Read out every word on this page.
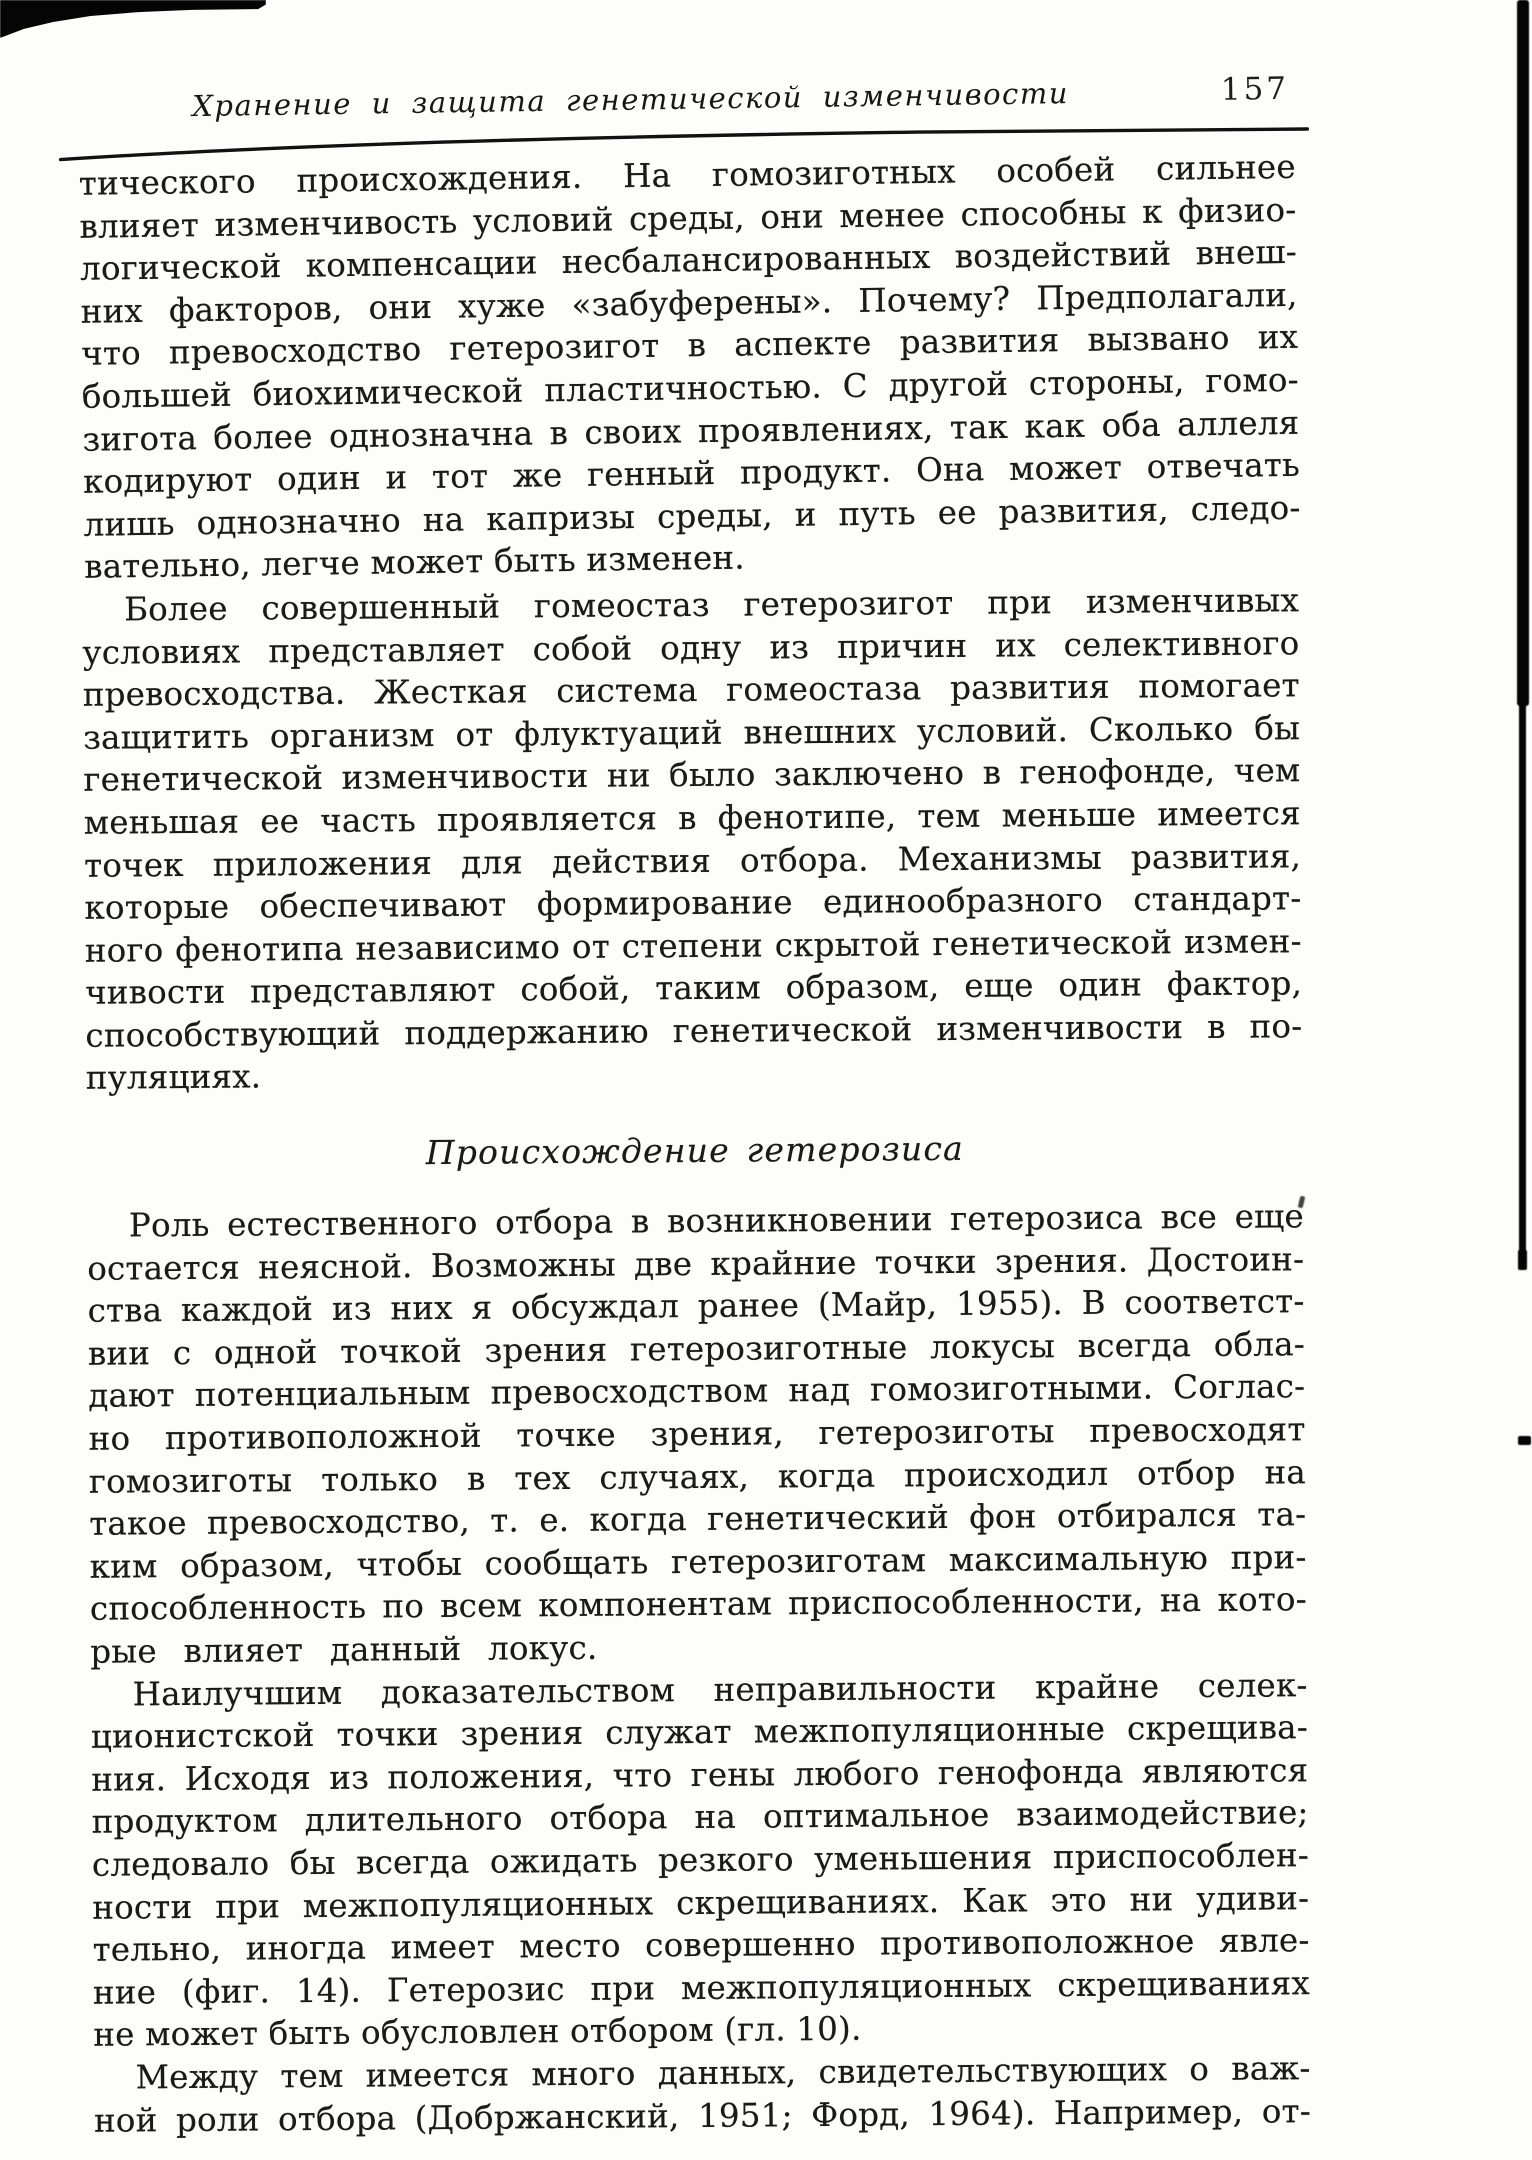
Хранение и защита генетической изменчивости	157
тического происхождения. На гомозиготных особей сильнее
влияет изменчивость условий среды, они менее способны к физио-
логической компенсации несбалансированных воздействий внеш-
них факторов, они хуже «забуферены». Почему? Предполагали,
что превосходство гетерозигот в аспекте развития вызвано их
большей биохимической пластичностью. С другой стороны, гомо-
зигота более однозначна в своих проявлениях, так как оба аллеля
кодируют один и тот же генный продукт. Она может отвечать
лишь однозначно на капризы среды, и путь ее развития, следо-
вательно, легче может быть изменен.
Более совершенный гомеостаз гетерозигот при изменчивых
условиях представляет собой одну из причин их селективного
превосходства. Жесткая система гомеостаза развития помогает
защитить организм от флуктуаций внешних условий. Сколько бы
генетической изменчивости ни было заключено в генофонде, чем
меньшая ее часть проявляется в фенотипе, тем меньше имеется
точек приложения для действия отбора. Механизмы развития,
которые обеспечивают формирование единообразного стандарт-
ного фенотипа независимо от степени скрытой генетической измен-
чивости представляют собой, таким образом, еще один фактор,
способствующий поддержанию генетической изменчивости в по-
пуляциях.
Происхождение гетерозиса
Роль естественного отбора в возникновении гетерозиса все еще
остается неясной. Возможны две крайние точки зрения. Достоин-
ства каждой из них я обсуждал ранее (Майр, 1955). В соответст-
вии с одной точкой зрения гетерозиготные локусы всегда обла-
дают потенциальным превосходством над гомозиготными. Соглас-
но противоположной точке зрения, гетерозиготы превосходят
гомозиготы только в тех случаях, когда происходил отбор на
такое превосходство, т. е. когда генетический фон отбирался та-
ким образом, чтобы сообщать гетерозиготам максимальную при-
способленность по всем компонентам приспособленности, на кото-
рые влияет данный локус.
Наилучшим доказательством неправильности крайне селек-
ционистской точки зрения служат межпопуляционные скрещива-
ния. Исходя из положения, что гены любого генофонда являются
продуктом длительного отбора на оптимальное взаимодействие;
следовало бы всегда ожидать резкого уменьшения приспособлен-
ности при межпопуляционных скрещиваниях. Как это ни удиви-
тельно, иногда имеет место совершенно противоположное явле-
ние (фиг. 14). Гетерозис при межпопуляционных скрещиваниях
не может быть обусловлен отбором (гл. 10).
Между тем имеется много данных, свидетельствующих о важ-
ной роли отбора (Добржанский, 1951; Форд, 1964). Например, от-
